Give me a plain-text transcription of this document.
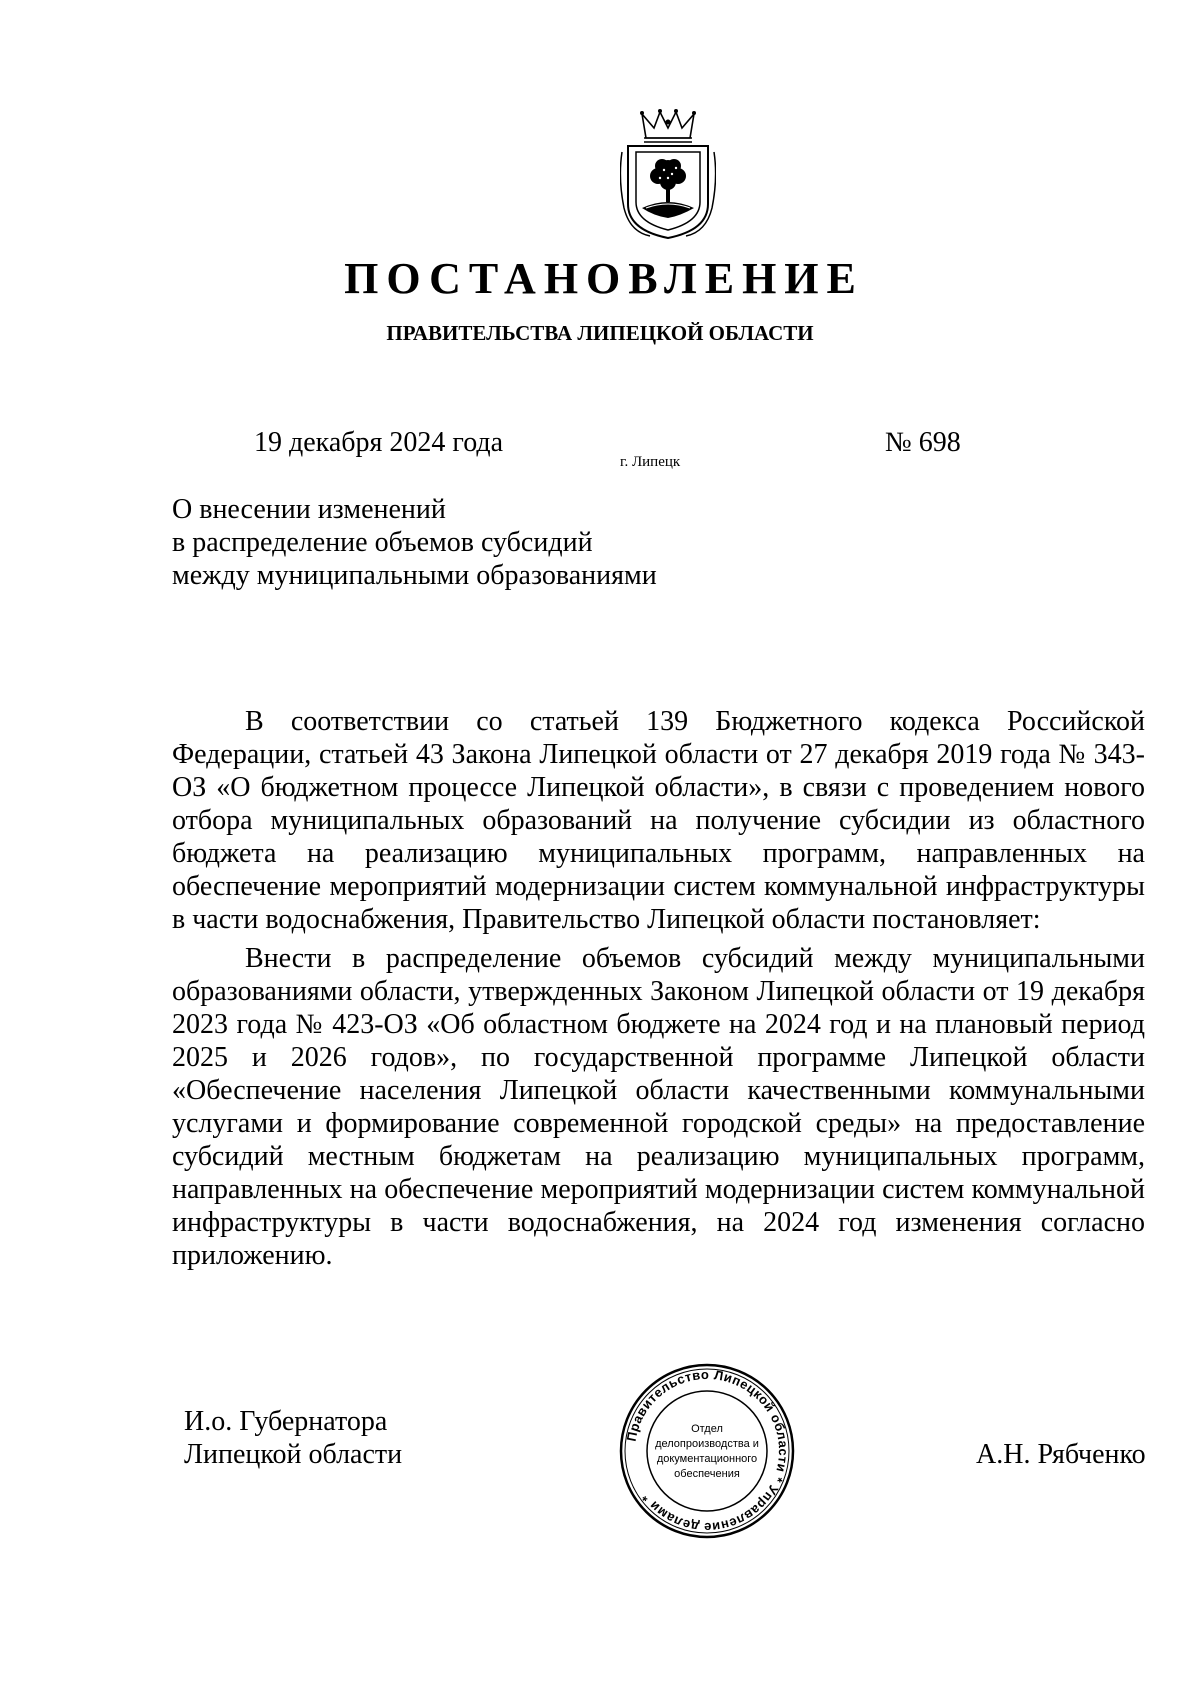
ПОСТАНОВЛЕНИЕ
ПРАВИТЕЛЬСТВА ЛИПЕЦКОЙ ОБЛАСТИ
19 декабря 2024 года
г. Липецк
№ 698
О внесении изменений
в распределение объемов субсидий
между муниципальными образованиями

В соответствии со статьей 139 Бюджетного кодекса Российской Федерации, статьей 43 Закона Липецкой области от 27 декабря 2019 года № 343-ОЗ «О бюджетном процессе Липецкой области», в связи с проведением нового отбора муниципальных образований на получение субсидии из областного бюджета на реализацию муниципальных программ, направленных на обеспечение мероприятий модернизации систем коммунальной инфраструктуры в части водоснабжения, Правительство Липецкой области постановляет:

Внести в распределение объемов субсидий между муниципальными образованиями области, утвержденных Законом Липецкой области от 19 декабря 2023 года № 423-ОЗ «Об областном бюджете на 2024 год и на плановый период 2025 и 2026 годов», по государственной программе Липецкой области «Обеспечение населения Липецкой области качественными коммунальными услугами и формирование современной городской среды» на предоставление субсидий местным бюджетам на реализацию муниципальных программ, направленных на обеспечение мероприятий модернизации систем коммунальной инфраструктуры в части водоснабжения, на 2024 год изменения согласно приложению.

И.о. Губернатора
Липецкой области
Правительство Липецкой области * Управление делами *
Отдел
делопроизводства и
документационного
обеспечения
А.Н. Рябченко
